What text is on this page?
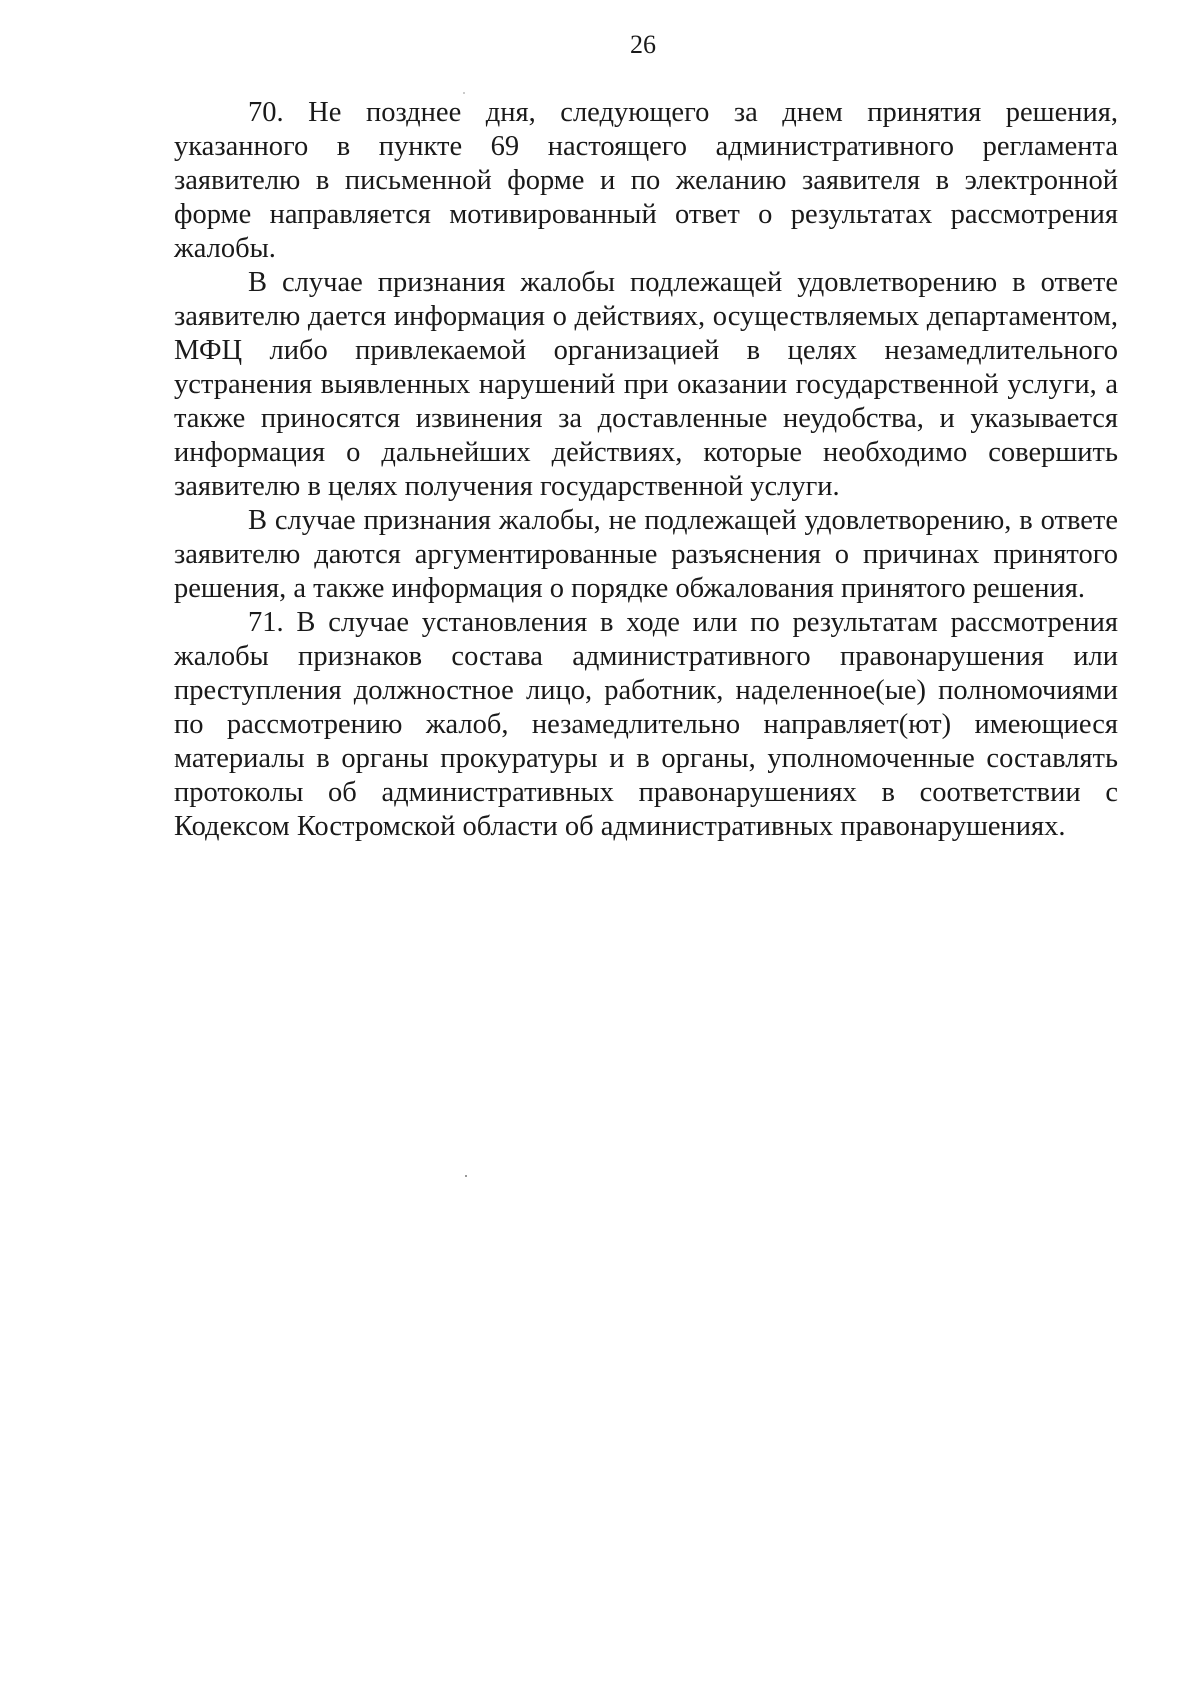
26

70. Не позднее дня, следующего за днем принятия решения, указанного в пункте 69 настоящего административного регламента заявителю в письменной форме и по желанию заявителя в электронной форме направляется мотивированный ответ о результатах рассмотрения жалобы.

В случае признания жалобы подлежащей удовлетворению в ответе заявителю дается информация о действиях, осуществляемых департаментом, МФЦ либо привлекаемой организацией в целях незамедлительного устранения выявленных нарушений при оказании государственной услуги, а также приносятся извинения за доставленные неудобства, и указывается информация о дальнейших действиях, которые необходимо совершить заявителю в целях получения государственной услуги.

В случае признания жалобы, не подлежащей удовлетворению, в ответе заявителю даются аргументированные разъяснения о причинах принятого решения, а также информация о порядке обжалования принятого решения.

71. В случае установления в ходе или по результатам рассмотрения жалобы признаков состава административного правонарушения или преступления должностное лицо, работник, наделенное(ые) полномочиями по рассмотрению жалоб, незамедлительно направляет(ют) имеющиеся материалы в органы прокуратуры и в органы, уполномоченные составлять протоколы об административных правонарушениях в соответствии с Кодексом Костромской области об административных правонарушениях.
